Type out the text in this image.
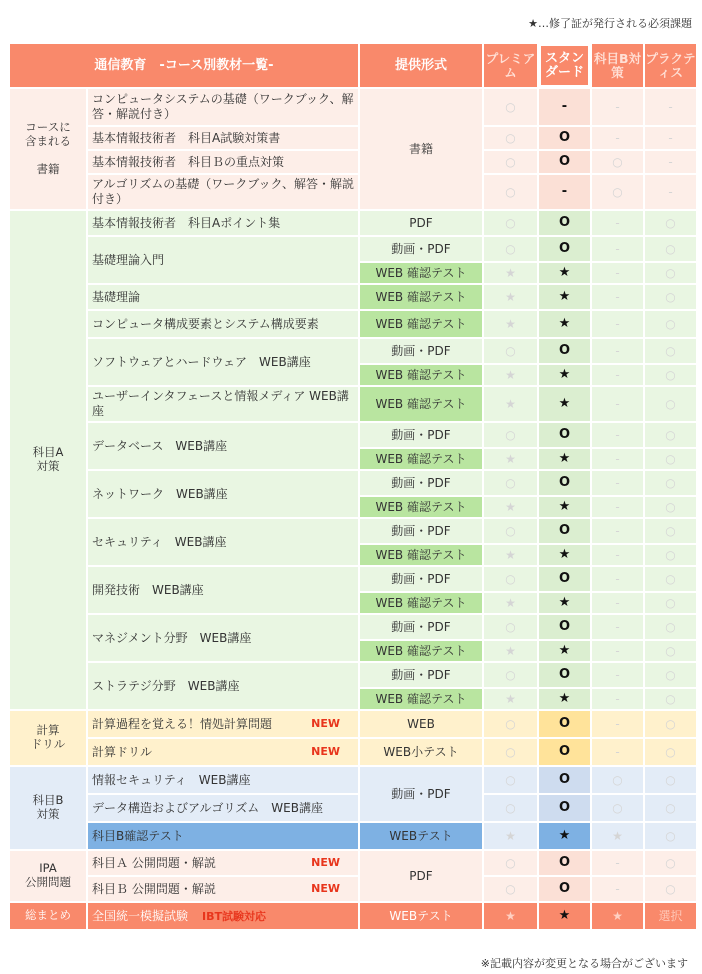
★…修了証が発行される必須課題
通信教育　-コース別教材一覧-		提供形式	プレミアム	スタンダード	科目B対策	プラクティス
コースに
含まれる

書籍	コンピュータシステムの基礎（ワークブック、解答・解説付き）	書籍	○	-	-	-
	基本情報技術者　科目A試験対策書		○	O	-	-
	基本情報技術者　科目Ｂの重点対策		○	O	○	-
	アルゴリズムの基礎（ワークブック、解答・解説付き）		○	-	○	-
科目A
対策	基本情報技術者　科目Aポイント集	PDF	○	O	-	○
	基礎理論入門	動画・PDF	○	O	-	○
		WEB 確認テスト	★	★	-	○
	基礎理論	WEB 確認テスト	★	★	-	○
	コンピュータ構成要素とシステム構成要素	WEB 確認テスト	★	★	-	○
	ソフトウェアとハードウェア　WEB講座	動画・PDF	○	O	-	○
		WEB 確認テスト	★	★	-	○
	ユーザーインタフェースと情報メディア WEB講座	WEB 確認テスト	★	★	-	○
	データベース　WEB講座	動画・PDF	○	O	-	○
		WEB 確認テスト	★	★	-	○
	ネットワーク　WEB講座	動画・PDF	○	O	-	○
		WEB 確認テスト	★	★	-	○
	セキュリティ　WEB講座	動画・PDF	○	O	-	○
		WEB 確認テスト	★	★	-	○
	開発技術　WEB講座	動画・PDF	○	O	-	○
		WEB 確認テスト	★	★	-	○
	マネジメント分野　WEB講座	動画・PDF	○	O	-	○
		WEB 確認テスト	★	★	-	○
	ストラテジ分野　WEB講座	動画・PDF	○	O	-	○
		WEB 確認テスト	★	★	-	○
計算
ドリル	計算過程を覚える！情処計算問題 NEW	WEB	○	O	-	○
	計算ドリル NEW	WEB小テスト	○	O	-	○
科目B
対策	情報セキュリティ　WEB講座	動画・PDF	○	O	○	○
	データ構造およびアルゴリズム　WEB講座		○	O	○	○
	科目B確認テスト	WEBテスト	★	★	★	○
IPA
公開問題	科目Ａ 公開問題・解説 NEW	PDF	○	O	-	○
	科目Ｂ 公開問題・解説 NEW		○	O	-	○
総まとめ	全国統一模擬試験 IBT試験対応	WEBテスト	★	★	★	選択
※記載内容が変更となる場合がございます
